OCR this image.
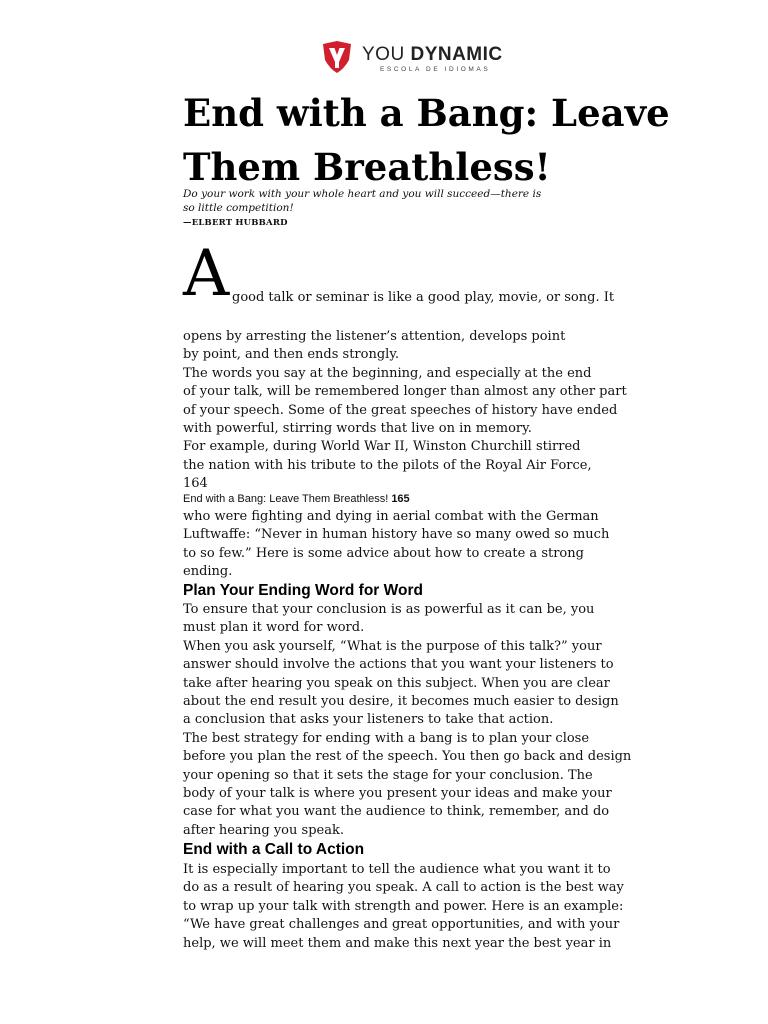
YOU DYNAMIC
ESCOLA DE IDIOMAS
End with a Bang: Leave
Them Breathless!
Do your work with your whole heart and you will succeed—there is
so little competition!
—ELBERT HUBBARD
A good talk or seminar is like a good play, movie, or song. It

opens by arresting the listener’s attention, develops point
by point, and then ends strongly.
The words you say at the beginning, and especially at the end
of your talk, will be remembered longer than almost any other part
of your speech. Some of the great speeches of history have ended
with powerful, stirring words that live on in memory.
For example, during World War II, Winston Churchill stirred
the nation with his tribute to the pilots of the Royal Air Force,
164

End with a Bang: Leave Them Breathless! 165

who were fighting and dying in aerial combat with the German
Luftwaffe: “Never in human history have so many owed so much
to so few.” Here is some advice about how to create a strong
ending.

Plan Your Ending Word for Word

To ensure that your conclusion is as powerful as it can be, you
must plan it word for word.
When you ask yourself, “What is the purpose of this talk?” your
answer should involve the actions that you want your listeners to
take after hearing you speak on this subject. When you are clear
about the end result you desire, it becomes much easier to design
a conclusion that asks your listeners to take that action.
The best strategy for ending with a bang is to plan your close
before you plan the rest of the speech. You then go back and design
your opening so that it sets the stage for your conclusion. The
body of your talk is where you present your ideas and make your
case for what you want the audience to think, remember, and do
after hearing you speak.

End with a Call to Action

It is especially important to tell the audience what you want it to
do as a result of hearing you speak. A call to action is the best way
to wrap up your talk with strength and power. Here is an example:
“We have great challenges and great opportunities, and with your
help, we will meet them and make this next year the best year in
